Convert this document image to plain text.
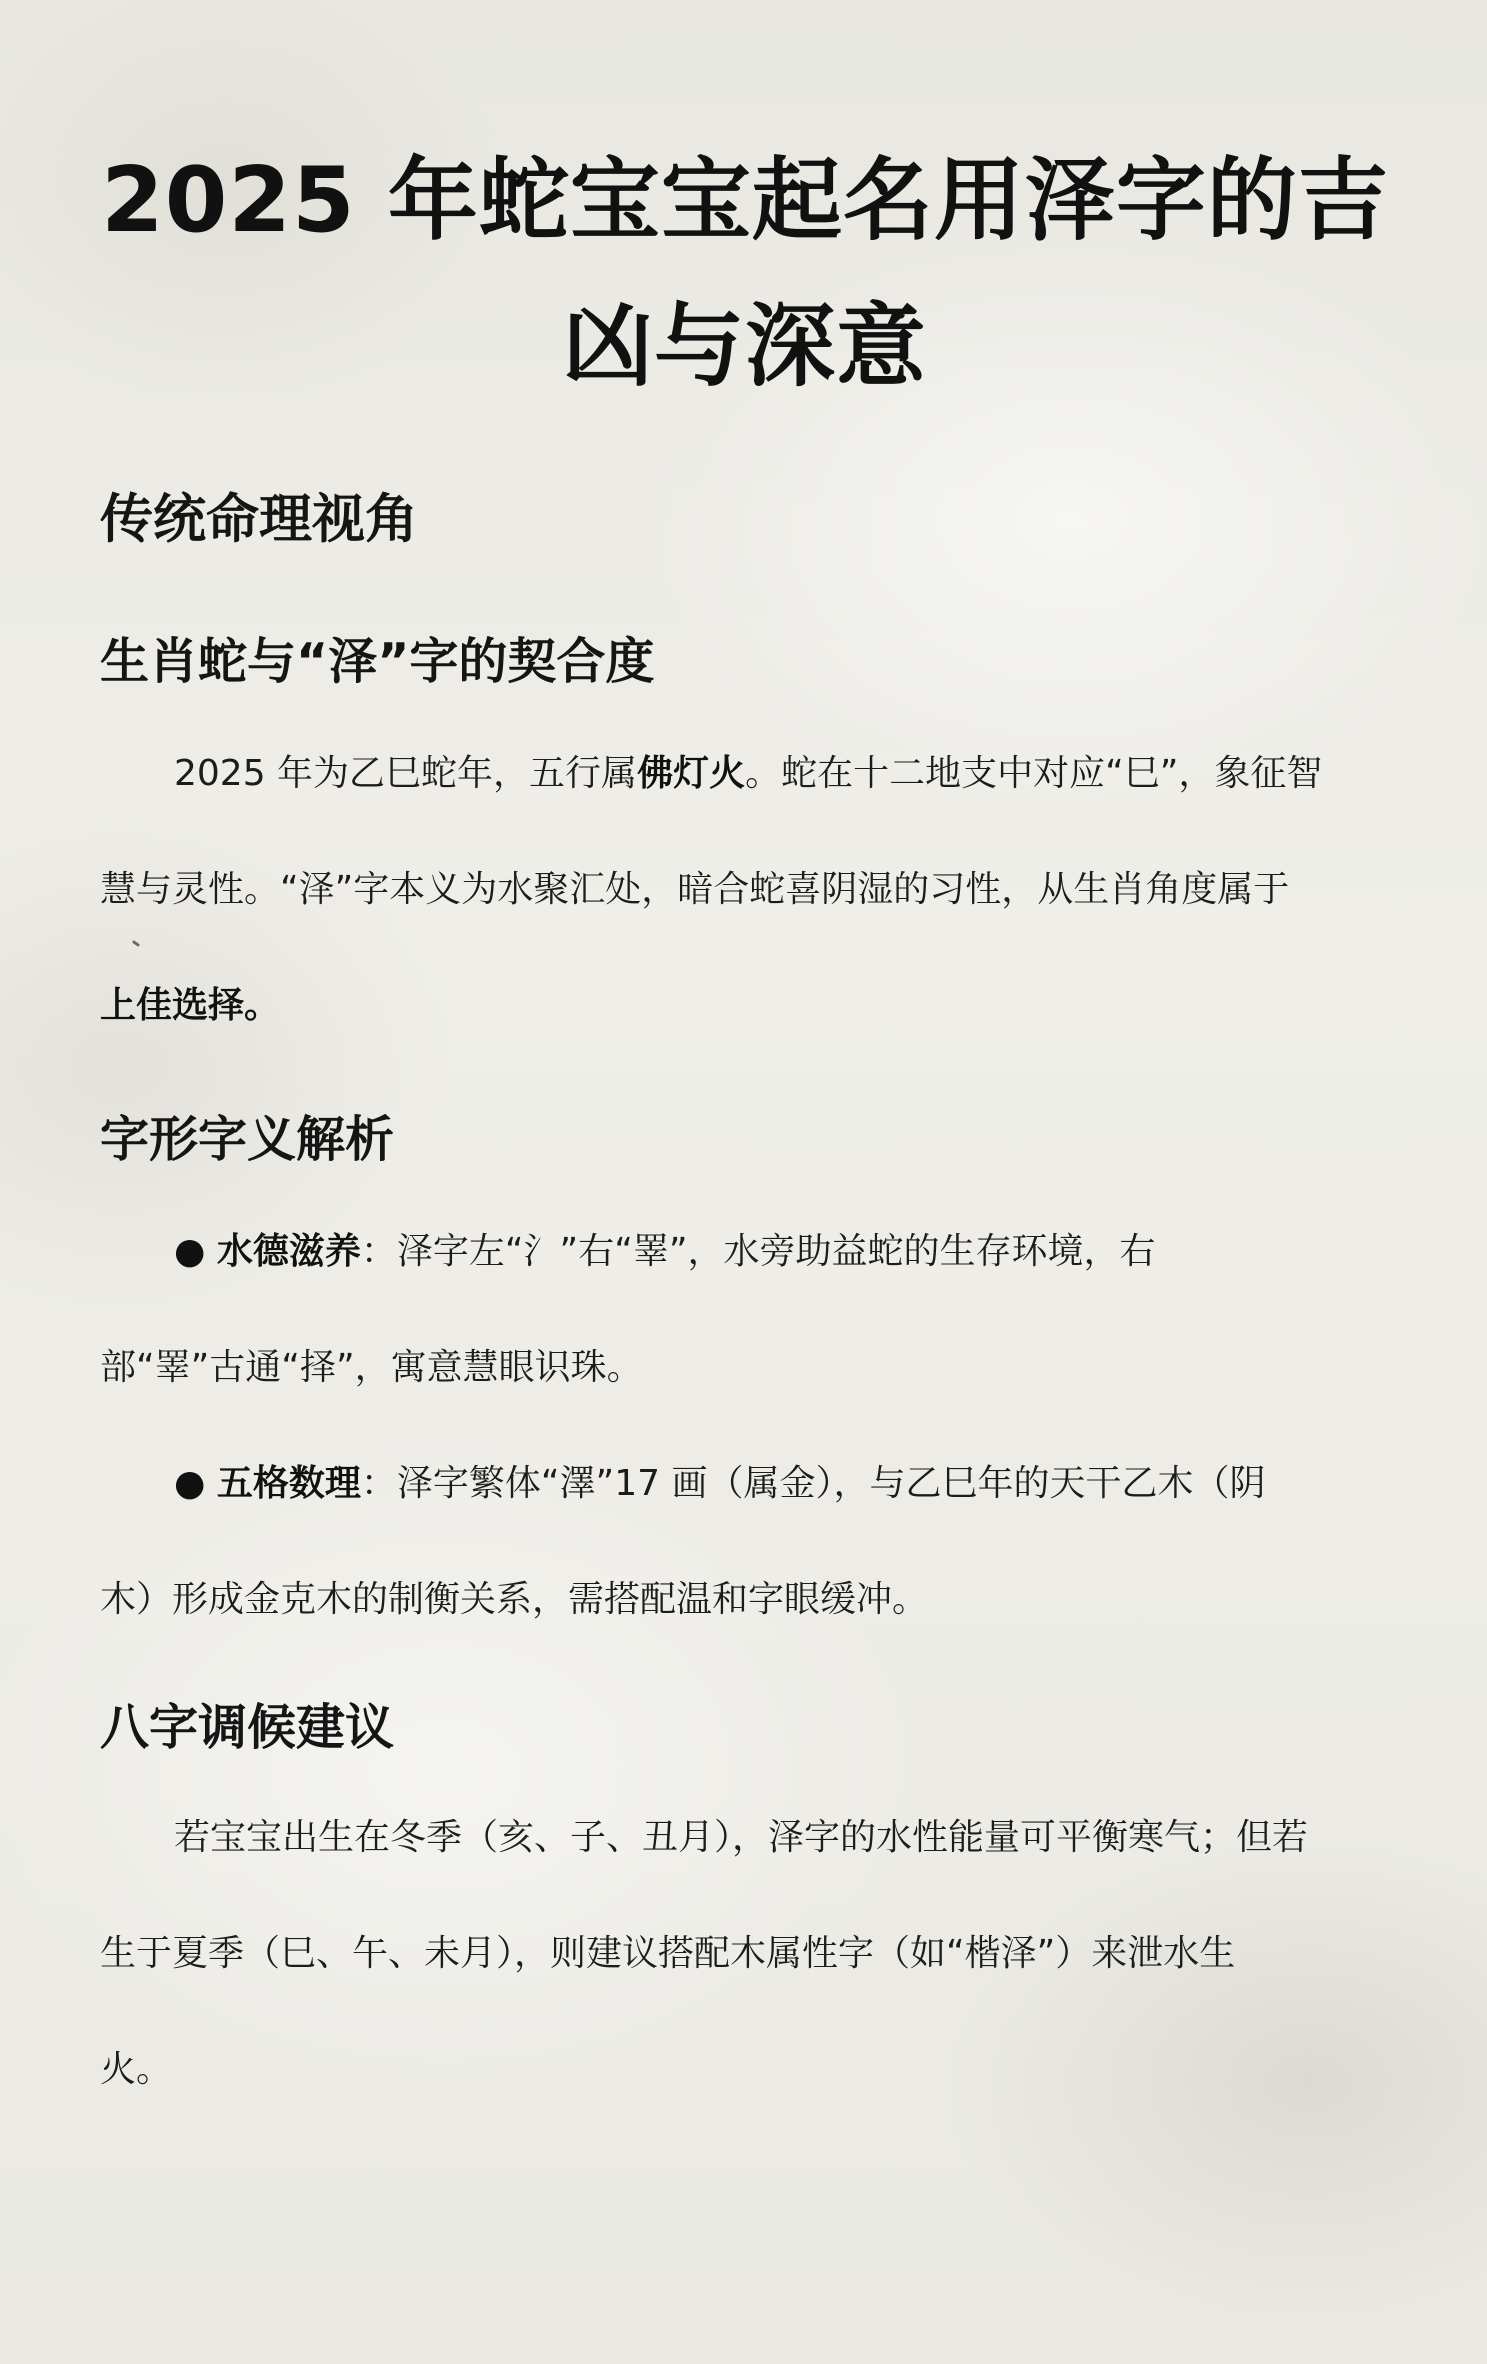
2025 年蛇宝宝起名用泽字的吉
凶与深意
传统命理视角
生肖蛇与“泽”字的契合度
2025 年为乙巳蛇年，五行属佛灯火。蛇在十二地支中对应“巳”，象征智
慧与灵性。“泽”字本义为水聚汇处，暗合蛇喜阴湿的习性，从生肖角度属于
上佳选择。
字形字义解析
● 水德滋养：泽字左“氵”右“睪”，水旁助益蛇的生存环境，右
部“睪”古通“择”，寓意慧眼识珠。
● 五格数理：泽字繁体“澤”17 画（属金），与乙巳年的天干乙木（阴
木）形成金克木的制衡关系，需搭配温和字眼缓冲。
八字调候建议
若宝宝出生在冬季（亥、子、丑月），泽字的水性能量可平衡寒气；但若
生于夏季（巳、午、未月），则建议搭配木属性字（如“楷泽”）来泄水生
火。
